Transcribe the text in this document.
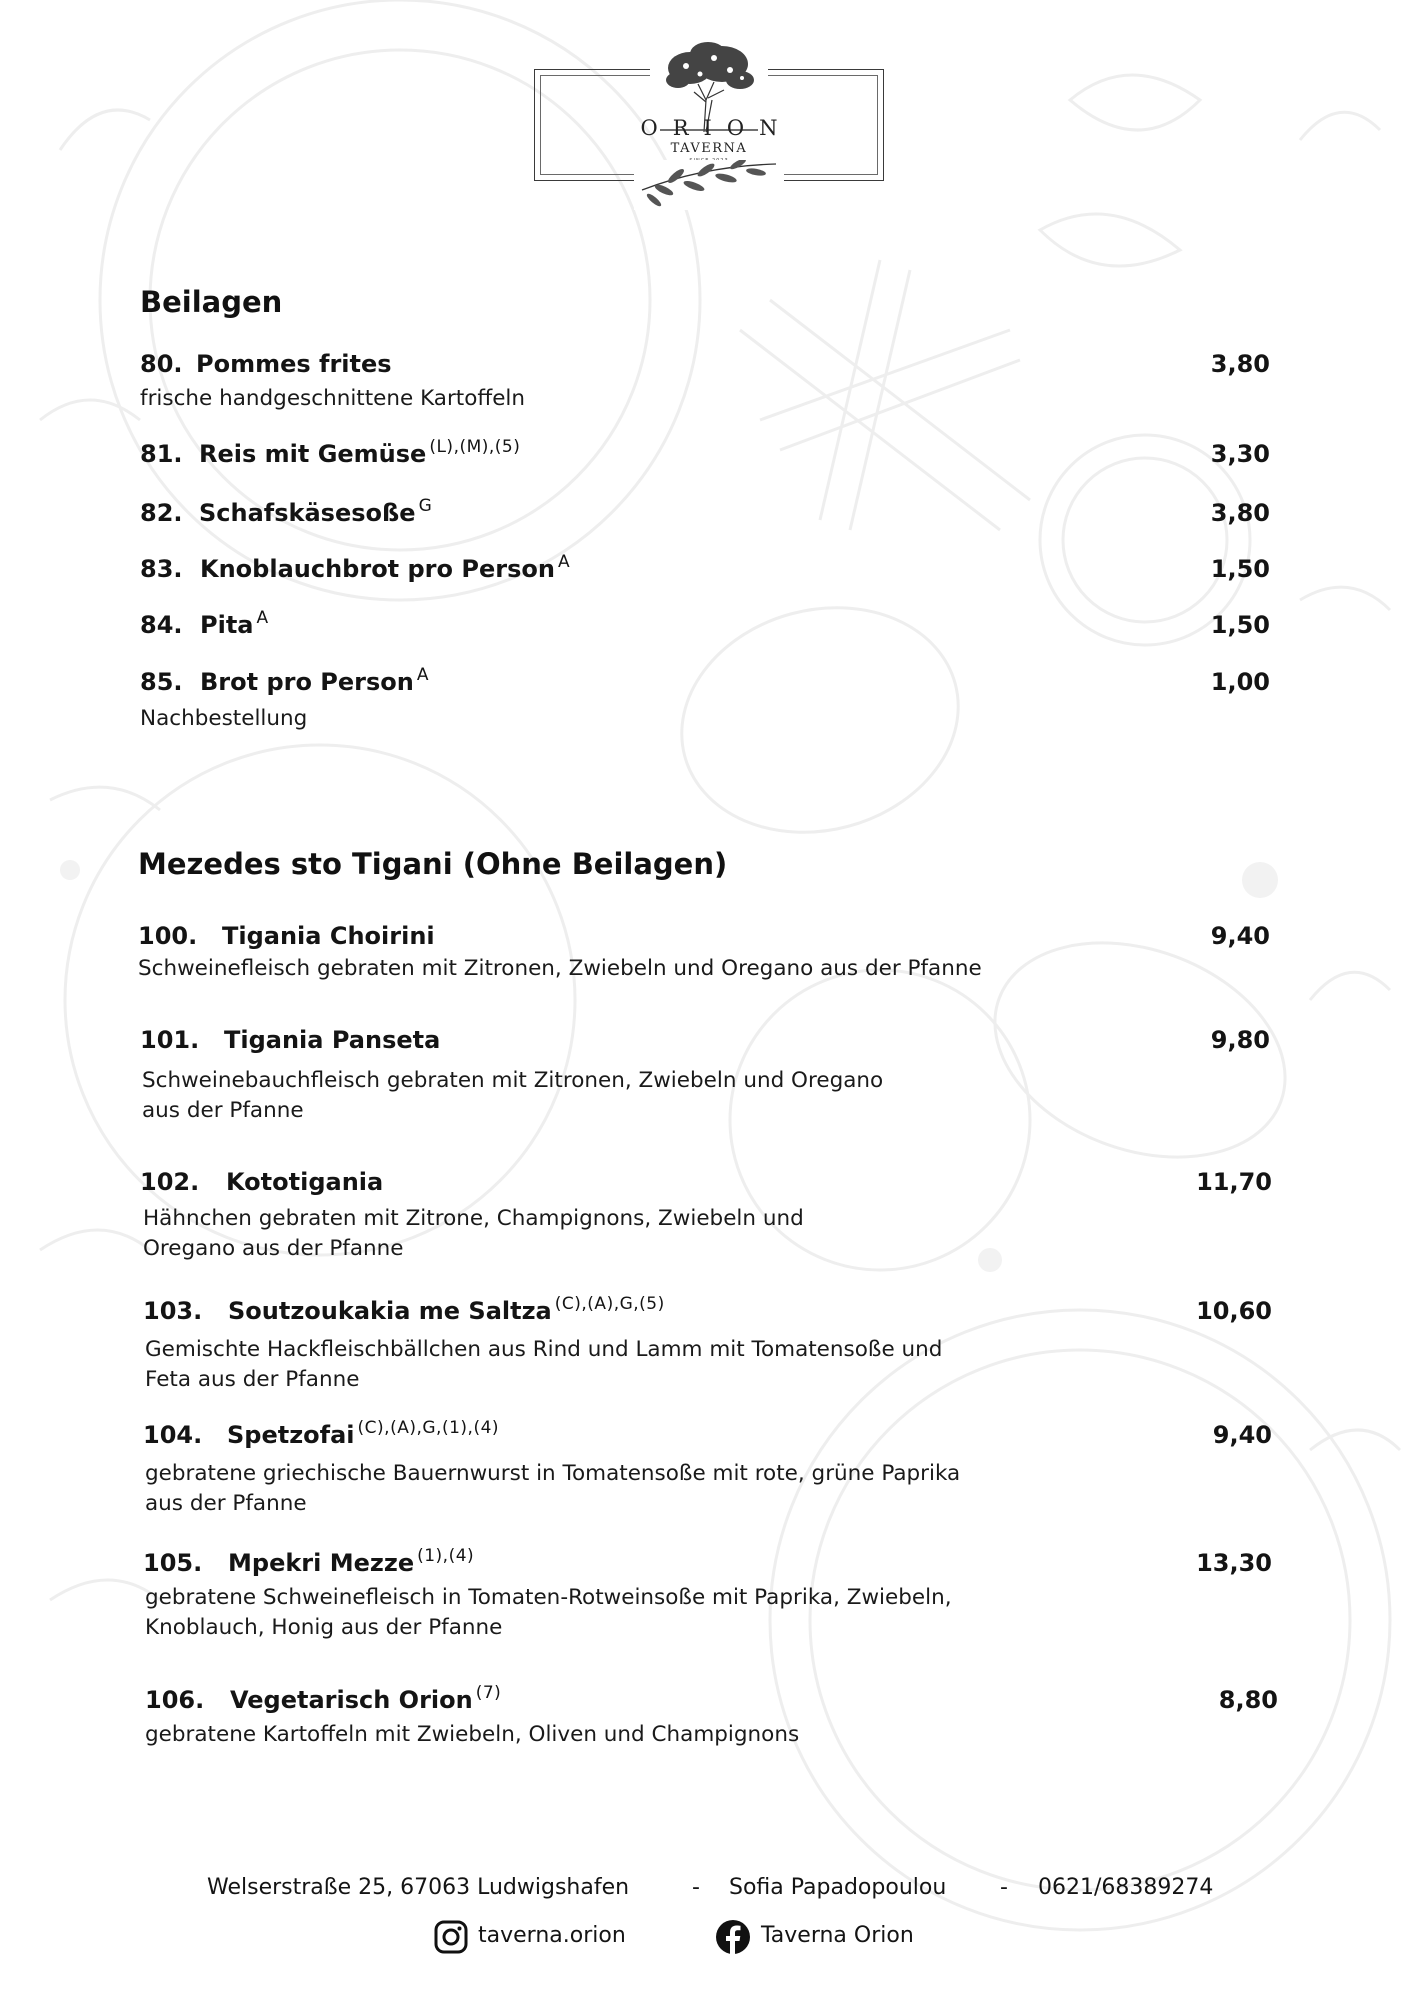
ORION
TAVERNA
SINCE 2023
Beilagen
80. Pommes frites	3,80
frische handgeschnittene Kartoffeln
81. Reis mit Gemüse $^{(L),(M),(5)}$	3,30
82. Schafskäsesoße $^G$	3,80
83. Knoblauchbrot pro Person $^A$	1,50
84. Pita $^A$	1,50
85. Brot pro Person $^A$	1,00
Nachbestellung
Mezedes sto Tigani (Ohne Beilagen)
100. Tigania Choirini	9,40
Schweinefleisch gebraten mit Zitronen, Zwiebeln und Oregano aus der Pfanne
101. Tigania Panseta	9,80
Schweinebauchfleisch gebraten mit Zitronen, Zwiebeln und Oregano
aus der Pfanne
102. Kototigania	11,70
Hähnchen gebraten mit Zitrone, Champignons, Zwiebeln und
Oregano aus der Pfanne
103. Soutzoukakia me Saltza $^{(C),(A),G,(5)}$	10,60
Gemischte Hackfleischbällchen aus Rind und Lamm mit Tomatensoße und
Feta aus der Pfanne
104. Spetzofai $^{(C),(A),G,(1),(4)}$	9,40
gebratene griechische Bauernwurst in Tomatensoße mit rote, grüne Paprika
aus der Pfanne
105. Mpekri Mezze $^{(1),(4)}$	13,30
gebratene Schweinefleisch in Tomaten-Rotweinsoße mit Paprika, Zwiebeln,
Knoblauch, Honig aus der Pfanne
106. Vegetarisch Orion $^{(7)}$	8,80
gebratene Kartoffeln mit Zwiebeln, Oliven und Champignons
Welserstraße 25, 67063 Ludwigshafen	- Sofia Papadopoulou - 0621/68389274
taverna.orion	Taverna Orion
